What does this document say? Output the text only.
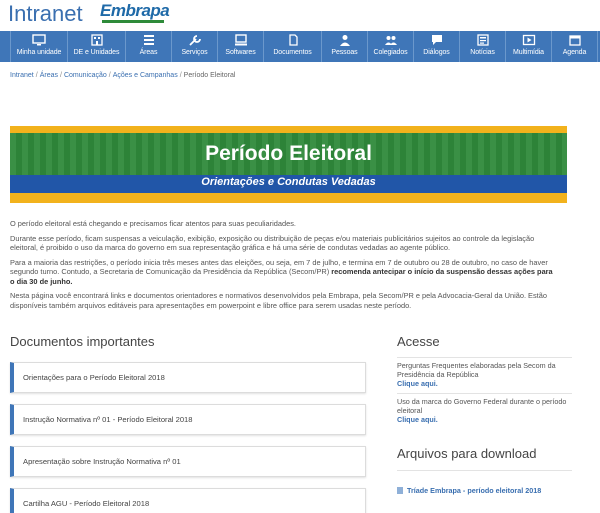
Intranet Embrapa
Minha unidade DE e Unidades	Áreas	Serviços	Softwares	Documentos	Pessoas Colegiados Diálogos	Notícias	Multimídia	Agenda
Intranet / Áreas / Comunicação / Ações e Campanhas / Período Eleitoral
Período Eleitoral
Orientações e Condutas Vedadas

O período eleitoral está chegando e precisamos ficar atentos para suas peculiaridades.

Durante esse período, ficam suspensas a veiculação, exibição, exposição ou distribuição de peças e/ou materiais publicitários sujeitos ao controle da legislação eleitoral, é proibido o uso da marca do governo em sua representação gráfica e há uma série de condutas vedadas ao agente público.

Para a maioria das restrições, o período inicia três meses antes das eleições, ou seja, em 7 de julho, e termina em 7 de outubro ou 28 de outubro, no caso de haver segundo turno. Contudo, a Secretaria de Comunicação da Presidência da República (Secom/PR) recomenda antecipar o início da suspensão dessas ações para o dia 30 de junho.

Nesta página você encontrará links e documentos orientadores e normativos desenvolvidos pela Embrapa, pela Secom/PR e pela Advocacia-Geral da União. Estão disponíveis também arquivos editáveis para apresentações em powerpoint e libre office para serem usadas neste período.

Documentos importantes
Orientações para o Período Eleitoral 2018
Instrução Normativa nº 01 - Período Eleitoral 2018
Apresentação sobre Instrução Normativa nº 01
Cartilha AGU - Período Eleitoral 2018
Acesse
Perguntas Frequentes elaboradas pela Secom da Presidência da República
Clique aqui.
Uso da marca do Governo Federal durante o período eleitoral
Clique aqui.
Arquivos para download
Tríade Embrapa - período eleitoral 2018
